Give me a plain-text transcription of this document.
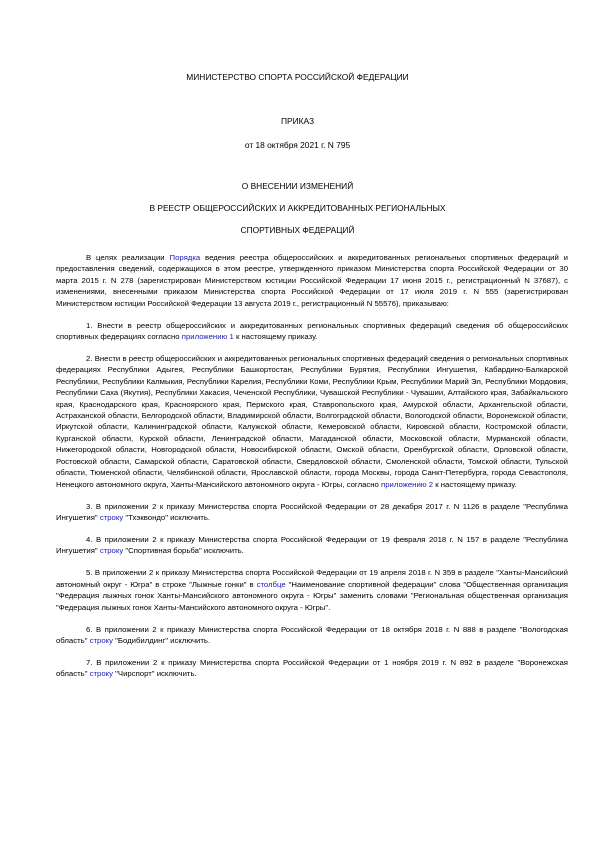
МИНИСТЕРСТВО СПОРТА РОССИЙСКОЙ ФЕДЕРАЦИИ
ПРИКАЗ
от 18 октября 2021 г. N 795
О ВНЕСЕНИИ ИЗМЕНЕНИЙ
В РЕЕСТР ОБЩЕРОССИЙСКИХ И АККРЕДИТОВАННЫХ РЕГИОНАЛЬНЫХ
СПОРТИВНЫХ ФЕДЕРАЦИЙ

В целях реализации Порядка ведения реестра общероссийских и аккредитованных региональных спортивных федераций и предоставления сведений, содержащихся в этом реестре, утвержденного приказом Министерства спорта Российской Федерации от 30 марта 2015 г. N 278 (зарегистрирован Министерством юстиции Российской Федерации 17 июня 2015 г., регистрационный N 37687), с изменениями, внесенными приказом Министерства спорта Российской Федерации от 17 июля 2019 г. N 555 (зарегистрирован Министерством юстиции Российской Федерации 13 августа 2019 г., регистрационный N 55576), приказываю:

1. Внести в реестр общероссийских и аккредитованных региональных спортивных федераций сведения об общероссийских спортивных федерациях согласно приложению 1 к настоящему приказу.

2. Внести в реестр общероссийских и аккредитованных региональных спортивных федераций сведения о региональных спортивных федерациях Республики Адыгея, Республики Башкортостан, Республики Бурятия, Республики Ингушетия, Кабардино-Балкарской Республики, Республики Калмыкия, Республики Карелия, Республики Коми, Республики Крым, Республики Марий Эл, Республики Мордовия, Республики Саха (Якутия), Республики Хакасия, Чеченской Республики, Чувашской Республики - Чувашии, Алтайского края, Забайкальского края, Краснодарского края, Красноярского края, Пермского края, Ставропольского края, Амурской области, Архангельской области, Астраханской области, Белгородской области, Владимирской области, Волгоградской области, Вологодской области, Воронежской области, Иркутской области, Калининградской области, Калужской области, Кемеровской области, Кировской области, Костромской области, Курганской области, Курской области, Ленинградской области, Магаданской области, Московской области, Мурманской области, Нижегородской области, Новгородской области, Новосибирской области, Омской области, Оренбургской области, Орловской области, Ростовской области, Самарской области, Саратовской области, Свердловской области, Смоленской области, Томской области, Тульской области, Тюменской области, Челябинской области, Ярославской области, города Москвы, города Санкт-Петербурга, города Севастополя, Ненецкого автономного округа, Ханты-Мансийского автономного округа - Югры, согласно приложению 2 к настоящему приказу.

3. В приложении 2 к приказу Министерства спорта Российской Федерации от 28 декабря 2017 г. N 1126 в разделе "Республика Ингушетия" строку "Тхэквондо" исключить.

4. В приложении 2 к приказу Министерства спорта Российской Федерации от 19 февраля 2018 г. N 157 в разделе "Республика Ингушетия" строку "Спортивная борьба" исключить.

5. В приложении 2 к приказу Министерства спорта Российской Федерации от 19 апреля 2018 г. N 359 в разделе "Ханты-Мансийский автономный округ - Югра" в строке "Лыжные гонки" в столбце "Наименование спортивной федерации" слова "Общественная организация "Федерация лыжных гонок Ханты-Мансийского автономного округа - Югры" заменить словами "Региональная общественная организация "Федерация лыжных гонок Ханты-Мансийского автономного округа - Югры".

6. В приложении 2 к приказу Министерства спорта Российской Федерации от 18 октября 2018 г. N 888 в разделе "Вологодская область" строку "Бодибилдинг" исключить.

7. В приложении 2 к приказу Министерства спорта Российской Федерации от 1 ноября 2019 г. N 892 в разделе "Воронежская область" строку "Чирспорт" исключить.
